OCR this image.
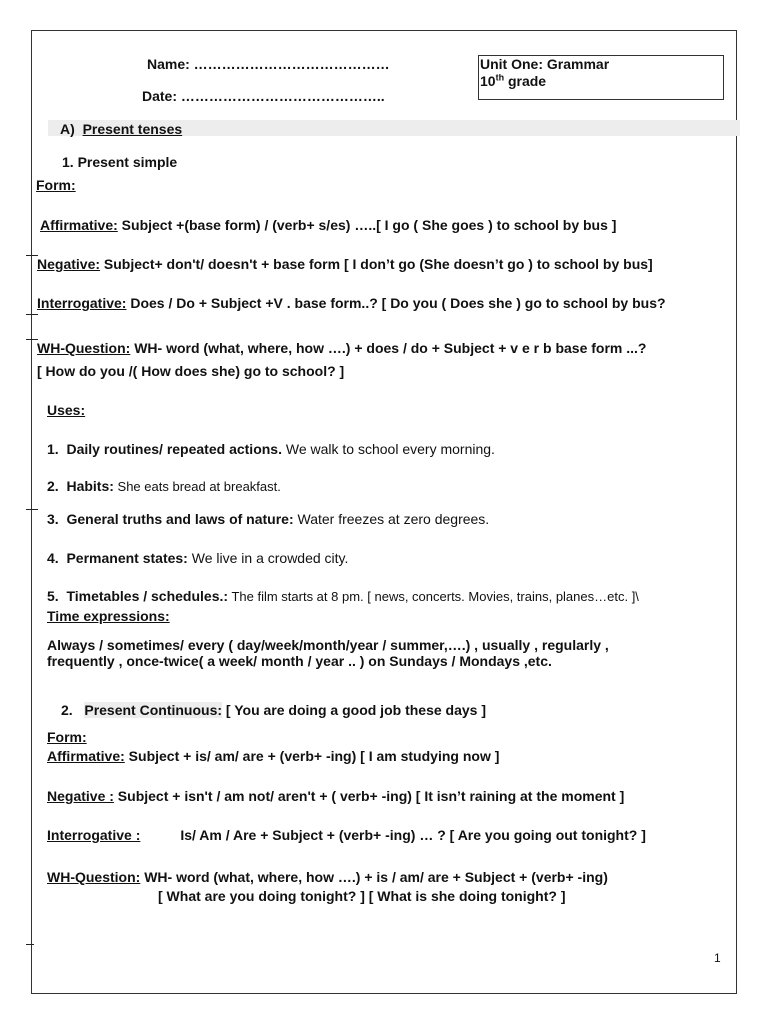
Name: ……………………………………
Date: ……………………………………..
Unit One: Grammar
10th grade
A) Present tenses
1. Present simple
Form:
Affirmative: Subject +(base form) / (verb+ s/es) …..[ I go ( She goes ) to school by bus ]
Negative: Subject+ don't/ doesn't + base form [ I don’t go (She doesn’t go ) to school by bus]
Interrogative: Does / Do + Subject +V . base form..? [ Do you ( Does she ) go to school by bus?
WH-Question: WH- word (what, where, how ….) + does / do + Subject + v e r b base form ...?
[ How do you /( How does she) go to school? ]
Uses:
1. Daily routines/ repeated actions. We walk to school every morning.
2. Habits: She eats bread at breakfast.
3. General truths and laws of nature: Water freezes at zero degrees.
4. Permanent states: We live in a crowded city.
5. Timetables / schedules.: The film starts at 8 pm. [ news, concerts. Movies, trains, planes…etc. ]\
Time expressions:
Always / sometimes/ every ( day/week/month/year / summer,….) , usually , regularly ,
frequently , once-twice( a week/ month / year .. ) on Sundays / Mondays ,etc.
2. Present Continuous: [ You are doing a good job these days ]
Form:
Affirmative: Subject + is/ am/ are + (verb+ -ing) [ I am studying now ]
Negative : Subject + isn't / am not/ aren't + ( verb+ -ing) [ It isn’t raining at the moment ]
Interrogative :	Is/ Am / Are + Subject + (verb+ -ing) … ? [ Are you going out tonight? ]
WH-Question: WH- word (what, where, how ….) + is / am/ are + Subject + (verb+ -ing)
[ What are you doing tonight? ] [ What is she doing tonight? ]
1
